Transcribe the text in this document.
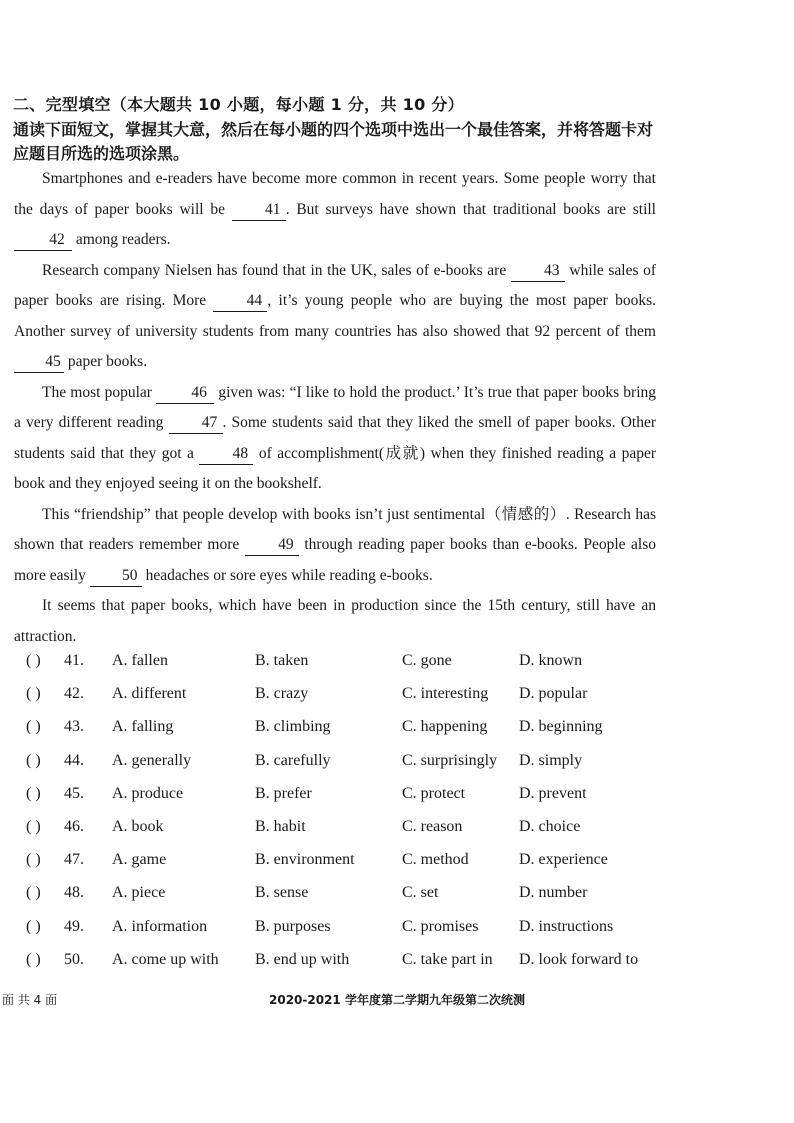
二、完型填空（本大题共 10 小题，每小题 1 分，共 10 分）
通读下面短文，掌握其大意，然后在每小题的四个选项中选出一个最佳答案，并将答题卡对应题目所选的选项涂黑。

Smartphones and e-readers have become more common in recent years. Some people worry that the days of paper books will be 41 . But surveys have shown that traditional books are still 42 among readers.

Research company Nielsen has found that in the UK, sales of e-books are 43 while sales of paper books are rising. More 44 , it’s young people who are buying the most paper books. Another survey of university students from many countries has also showed that 92 percent of them 45 paper books.

The most popular 46 given was: “I like to hold the product.’ It’s true that paper books bring a very different reading 47 . Some students said that they liked the smell of paper books. Other students said that they got a 48 of accomplishment(成就) when they finished reading a paper book and they enjoyed seeing it on the bookshelf.

This “friendship” that people develop with books isn’t just sentimental（情感的）. Research has shown that readers remember more 49 through reading paper books than e-books. People also more easily 50 headaches or sore eyes while reading e-books.

It seems that paper books, which have been in production since the 15th century, still have an attraction.

( ) 41. A. fallen	B. taken	C. gone	D. known
( ) 42. A. different	B. crazy	C. interesting D. popular
( ) 43. A. falling	B. climbing	C. happening D. beginning
( ) 44. A. generally	B. carefully	C. surprisingly D. simply
( ) 45. A. produce	B. prefer	C. protect	D. prevent
( ) 46. A. book	B. habit	C. reason	D. choice
( ) 47. A. game	B. environment	C. method	D. experience
( ) 48. A. piece	B. sense	C. set	D. number
( ) 49. A. information	B. purposes	C. promises	D. instructions
( ) 50. A. come up with B. end up with	C. take part in D. look forward to
面 共 4 面	2020-2021 学年度第二学期九年级第二次统测
